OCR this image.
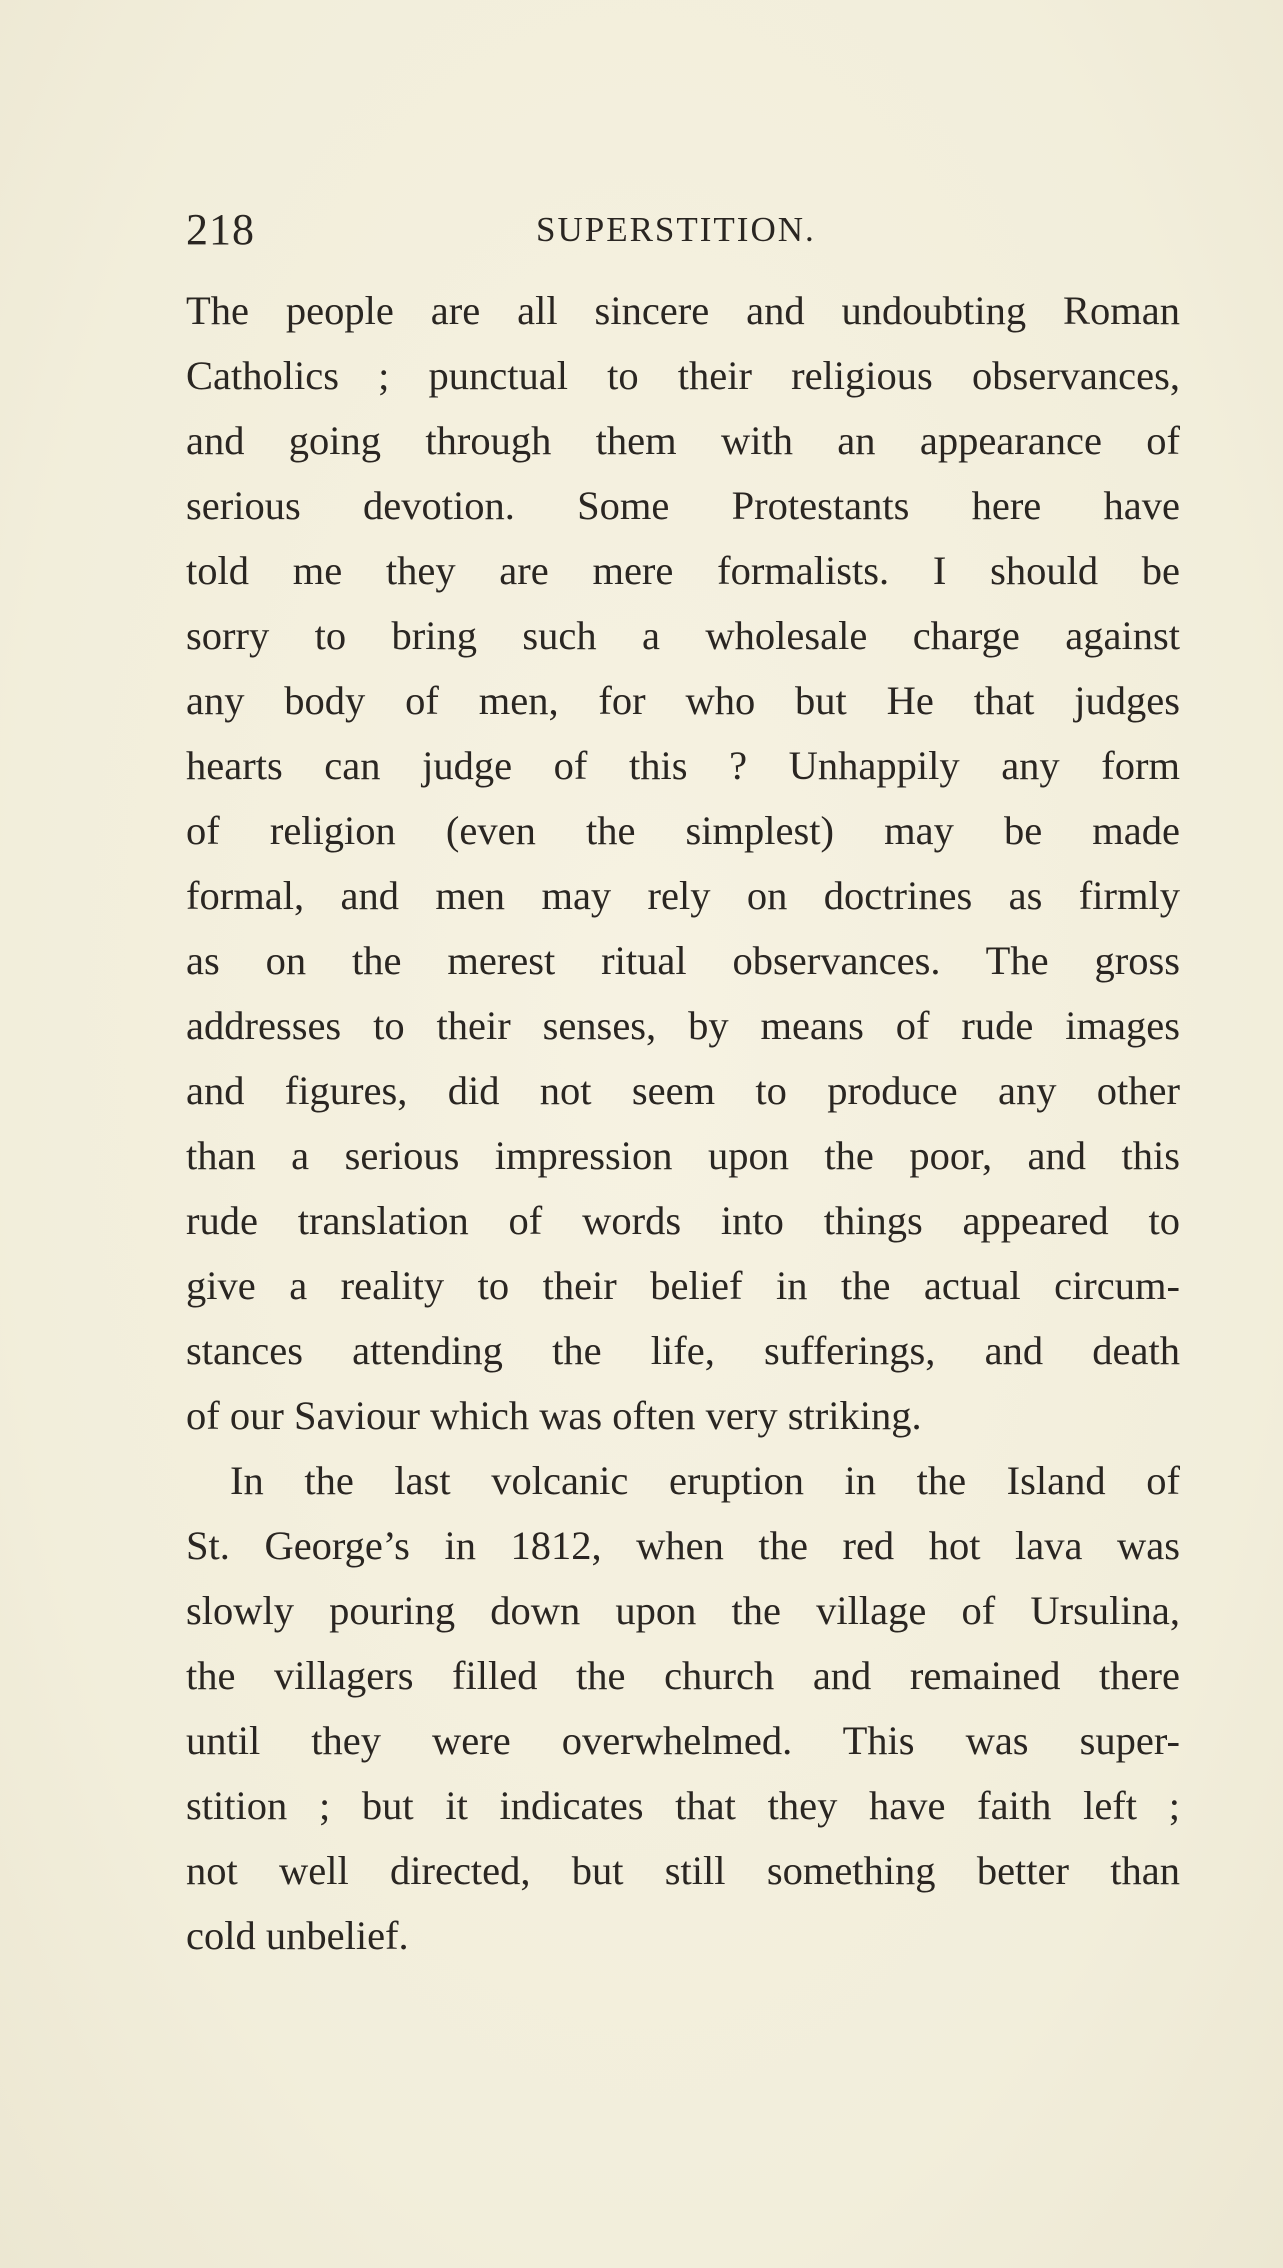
218	SUPERSTITION.
The people are all sincere and undoubting Roman
Catholics ; punctual to their religious observances,
and going through them with an appearance of
serious devotion. Some Protestants here have
told me they are mere formalists. I should be
sorry to bring such a wholesale charge against
any body of men, for who but He that judges
hearts can judge of this ? Unhappily any form
of religion (even the simplest) may be made
formal, and men may rely on doctrines as firmly
as on the merest ritual observances. The gross
addresses to their senses, by means of rude images
and figures, did not seem to produce any other
than a serious impression upon the poor, and this
rude translation of words into things appeared to
give a reality to their belief in the actual circum-
stances attending the life, sufferings, and death
of our Saviour which was often very striking.
In the last volcanic eruption in the Island of
St. George’s in 1812, when the red hot lava was
slowly pouring down upon the village of Ursulina,
the villagers filled the church and remained there
until they were overwhelmed. This was super-
stition ; but it indicates that they have faith left ;
not well directed, but still something better than
cold unbelief.
